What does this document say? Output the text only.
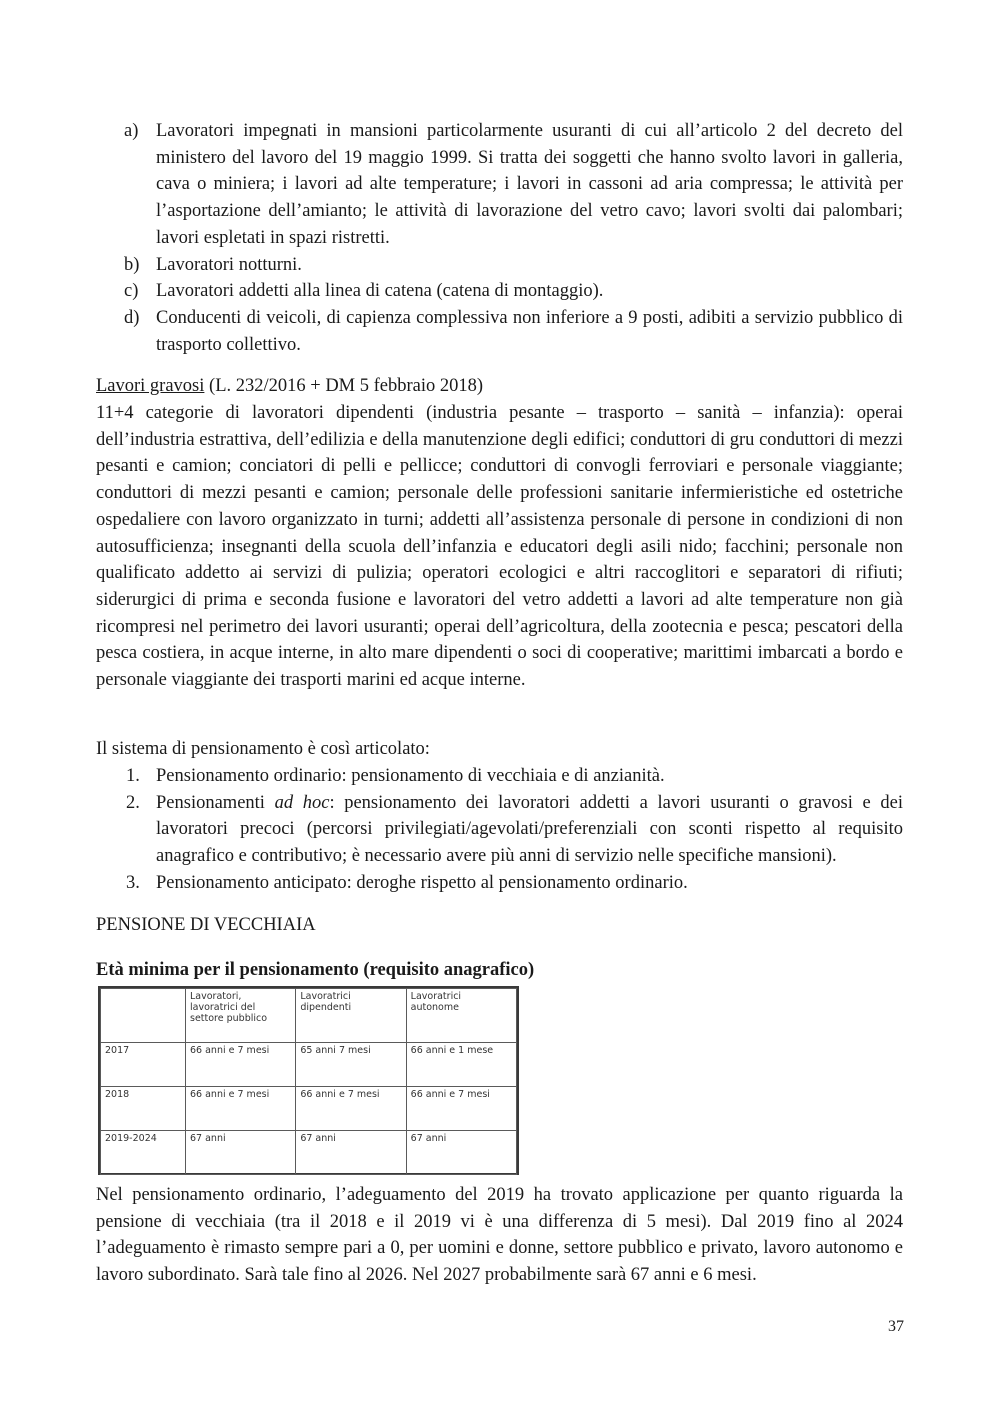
a) Lavoratori impegnati in mansioni particolarmente usuranti di cui all’articolo 2 del decreto del ministero del lavoro del 19 maggio 1999. Si tratta dei soggetti che hanno svolto lavori in galleria, cava o miniera; i lavori ad alte temperature; i lavori in cassoni ad aria compressa; le attività per l’asportazione dell’amianto; le attività di lavorazione del vetro cavo; lavori svolti dai palombari; lavori espletati in spazi ristretti.
b) Lavoratori notturni.
c) Lavoratori addetti alla linea di catena (catena di montaggio).
d) Conducenti di veicoli, di capienza complessiva non inferiore a 9 posti, adibiti a servizio pubblico di trasporto collettivo.
Lavori gravosi (L. 232/2016 + DM 5 febbraio 2018)
11+4 categorie di lavoratori dipendenti (industria pesante – trasporto – sanità – infanzia): operai dell’industria estrattiva, dell’edilizia e della manutenzione degli edifici; conduttori di gru conduttori di mezzi pesanti e camion; conciatori di pelli e pellicce; conduttori di convogli ferroviari e personale viaggiante; conduttori di mezzi pesanti e camion; personale delle professioni sanitarie infermieristiche ed ostetriche ospedaliere con lavoro organizzato in turni; addetti all’assistenza personale di persone in condizioni di non autosufficienza; insegnanti della scuola dell’infanzia e educatori degli asili nido; facchini; personale non qualificato addetto ai servizi di pulizia; operatori ecologici e altri raccoglitori e separatori di rifiuti; siderurgici di prima e seconda fusione e lavoratori del vetro addetti a lavori ad alte temperature non già ricompresi nel perimetro dei lavori usuranti; operai dell’agricoltura, della zootecnia e pesca; pescatori della pesca costiera, in acque interne, in alto mare dipendenti o soci di cooperative; marittimi imbarcati a bordo e personale viaggiante dei trasporti marini ed acque interne.
Il sistema di pensionamento è così articolato:
1. Pensionamento ordinario: pensionamento di vecchiaia e di anzianità.
2. Pensionamenti ad hoc: pensionamento dei lavoratori addetti a lavori usuranti o gravosi e dei lavoratori precoci (percorsi privilegiati/agevolati/preferenziali con sconti rispetto al requisito anagrafico e contributivo; è necessario avere più anni di servizio nelle specifiche mansioni).
3. Pensionamento anticipato: deroghe rispetto al pensionamento ordinario.
PENSIONE DI VECCHIAIA
Età minima per il pensionamento (requisito anagrafico)
	Lavoratori, lavoratrici del settore pubblico	Lavoratrici dipendenti	Lavoratrici autonome
2017	66 anni e 7 mesi	65 anni 7 mesi	66 anni e 1 mese
2018	66 anni e 7 mesi	66 anni e 7 mesi	66 anni e 7 mesi
2019-2024	67 anni	67 anni	67 anni
Nel pensionamento ordinario, l’adeguamento del 2019 ha trovato applicazione per quanto riguarda la pensione di vecchiaia (tra il 2018 e il 2019 vi è una differenza di 5 mesi). Dal 2019 fino al 2024 l’adeguamento è rimasto sempre pari a 0, per uomini e donne, settore pubblico e privato, lavoro autonomo e lavoro subordinato. Sarà tale fino al 2026. Nel 2027 probabilmente sarà 67 anni e 6 mesi.
37
